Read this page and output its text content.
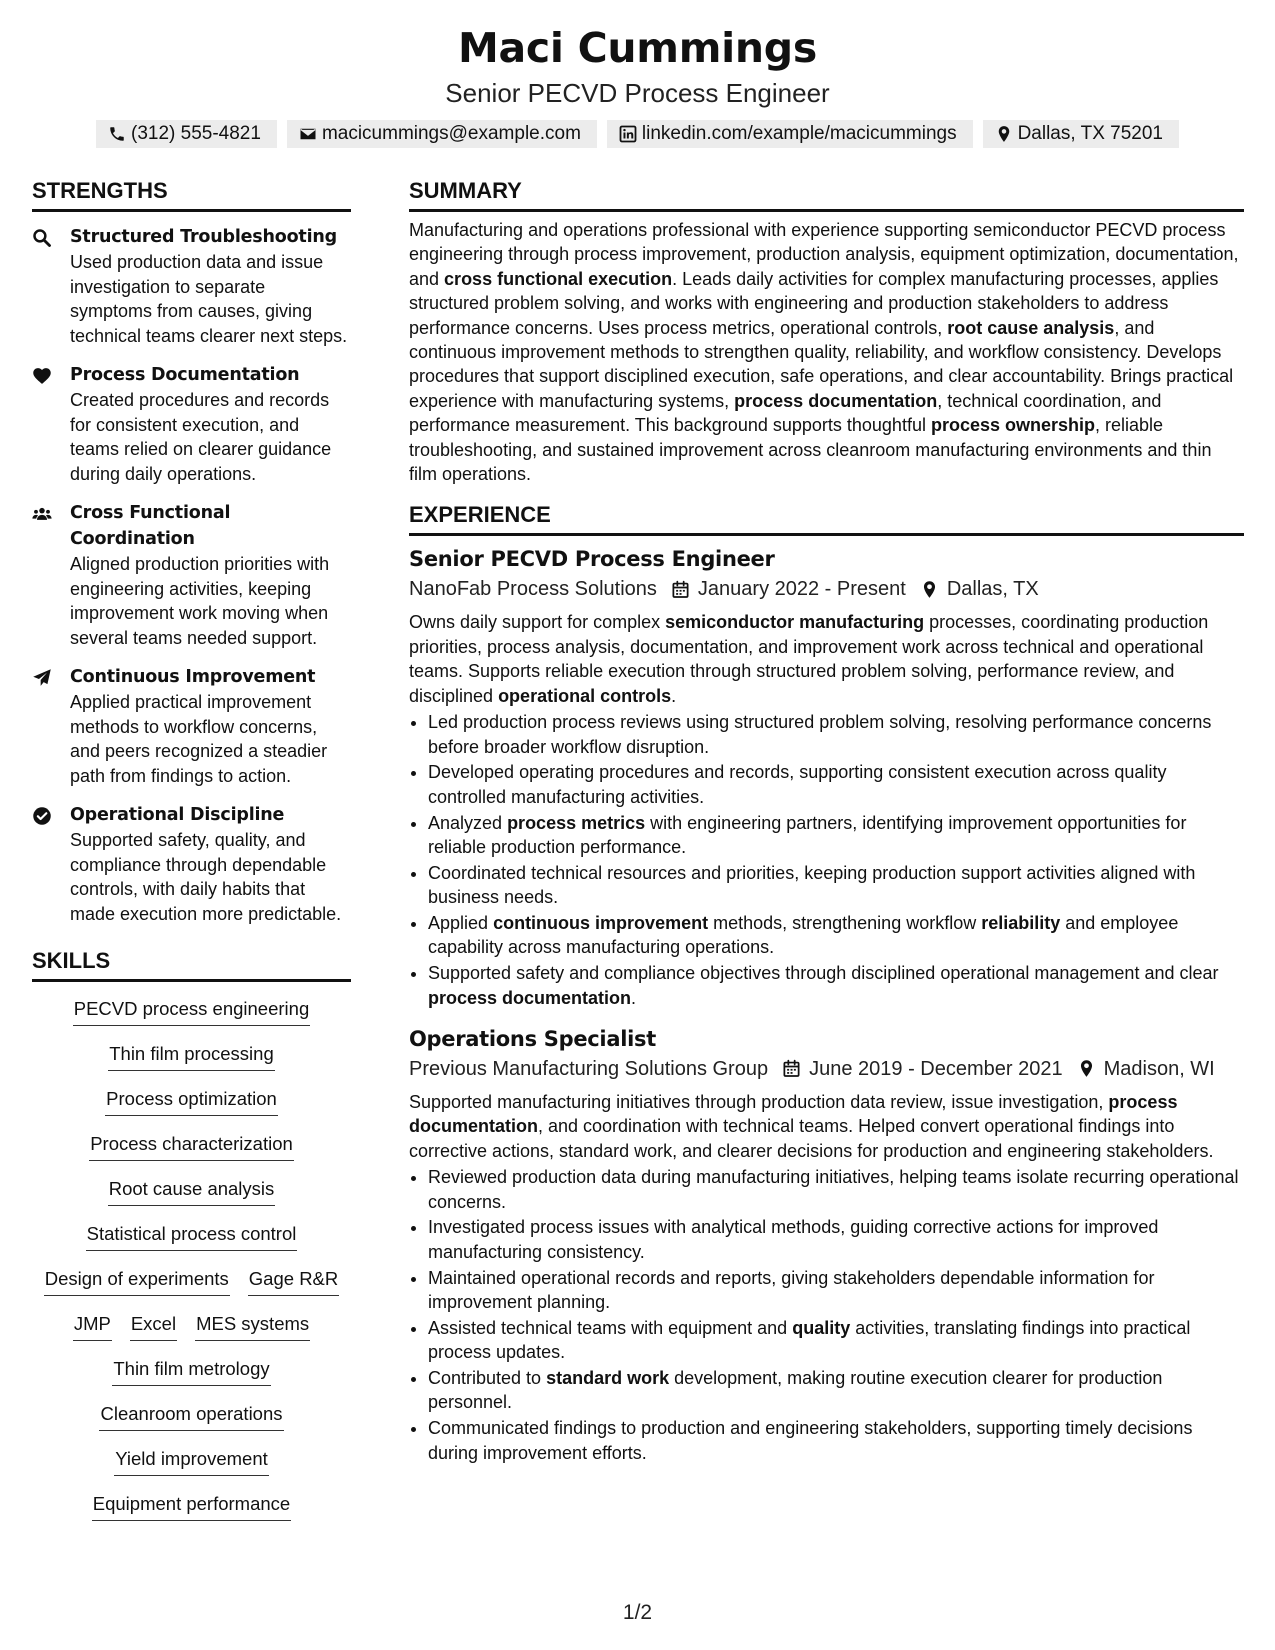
Maci Cummings
Senior PECVD Process Engineer
(312) 555-4821	macicummings@example.com	linkedin.com/example/macicummings	Dallas, TX 75201
STRENGTHS
Structured Troubleshooting
Used production data and issue investigation to separate symptoms from causes, giving technical teams clearer next steps.
Process Documentation
Created procedures and records for consistent execution, and teams relied on clearer guidance during daily operations.
Cross Functional Coordination
Aligned production priorities with engineering activities, keeping improvement work moving when several teams needed support.
Continuous Improvement
Applied practical improvement methods to workflow concerns, and peers recognized a steadier path from findings to action.
Operational Discipline
Supported safety, quality, and compliance through dependable controls, with daily habits that made execution more predictable.
SKILLS
PECVD process engineering
Thin film processing
Process optimization
Process characterization
Root cause analysis
Statistical process control
Design of experiments Gage R&R
JMP Excel MES systems
Thin film metrology
Cleanroom operations
Yield improvement
Equipment performance
SUMMARY
Manufacturing and operations professional with experience supporting semiconductor PECVD process engineering through process improvement, production analysis, equipment optimization, documentation, and cross functional execution. Leads daily activities for complex manufacturing processes, applies structured problem solving, and works with engineering and production stakeholders to address performance concerns. Uses process metrics, operational controls, root cause analysis, and continuous improvement methods to strengthen quality, reliability, and workflow consistency. Develops procedures that support disciplined execution, safe operations, and clear accountability. Brings practical experience with manufacturing systems, process documentation, technical coordination, and performance measurement. This background supports thoughtful process ownership, reliable troubleshooting, and sustained improvement across cleanroom manufacturing environments and thin film operations.
EXPERIENCE
Senior PECVD Process Engineer
NanoFab Process Solutions January 2022 - Present Dallas, TX
Owns daily support for complex semiconductor manufacturing processes, coordinating production priorities, process analysis, documentation, and improvement work across technical and operational teams. Supports reliable execution through structured problem solving, performance review, and disciplined operational controls.
• Led production process reviews using structured problem solving, resolving performance concerns before broader workflow disruption.
• Developed operating procedures and records, supporting consistent execution across quality controlled manufacturing activities.
• Analyzed process metrics with engineering partners, identifying improvement opportunities for reliable production performance.
• Coordinated technical resources and priorities, keeping production support activities aligned with business needs.
• Applied continuous improvement methods, strengthening workflow reliability and employee capability across manufacturing operations.
• Supported safety and compliance objectives through disciplined operational management and clear process documentation.
Operations Specialist
Previous Manufacturing Solutions Group June 2019 - December 2021 Madison, WI
Supported manufacturing initiatives through production data review, issue investigation, process documentation, and coordination with technical teams. Helped convert operational findings into corrective actions, standard work, and clearer decisions for production and engineering stakeholders.
• Reviewed production data during manufacturing initiatives, helping teams isolate recurring operational concerns.
• Investigated process issues with analytical methods, guiding corrective actions for improved manufacturing consistency.
• Maintained operational records and reports, giving stakeholders dependable information for improvement planning.
• Assisted technical teams with equipment and quality activities, translating findings into practical process updates.
• Contributed to standard work development, making routine execution clearer for production personnel.
• Communicated findings to production and engineering stakeholders, supporting timely decisions during improvement efforts.
1/2
